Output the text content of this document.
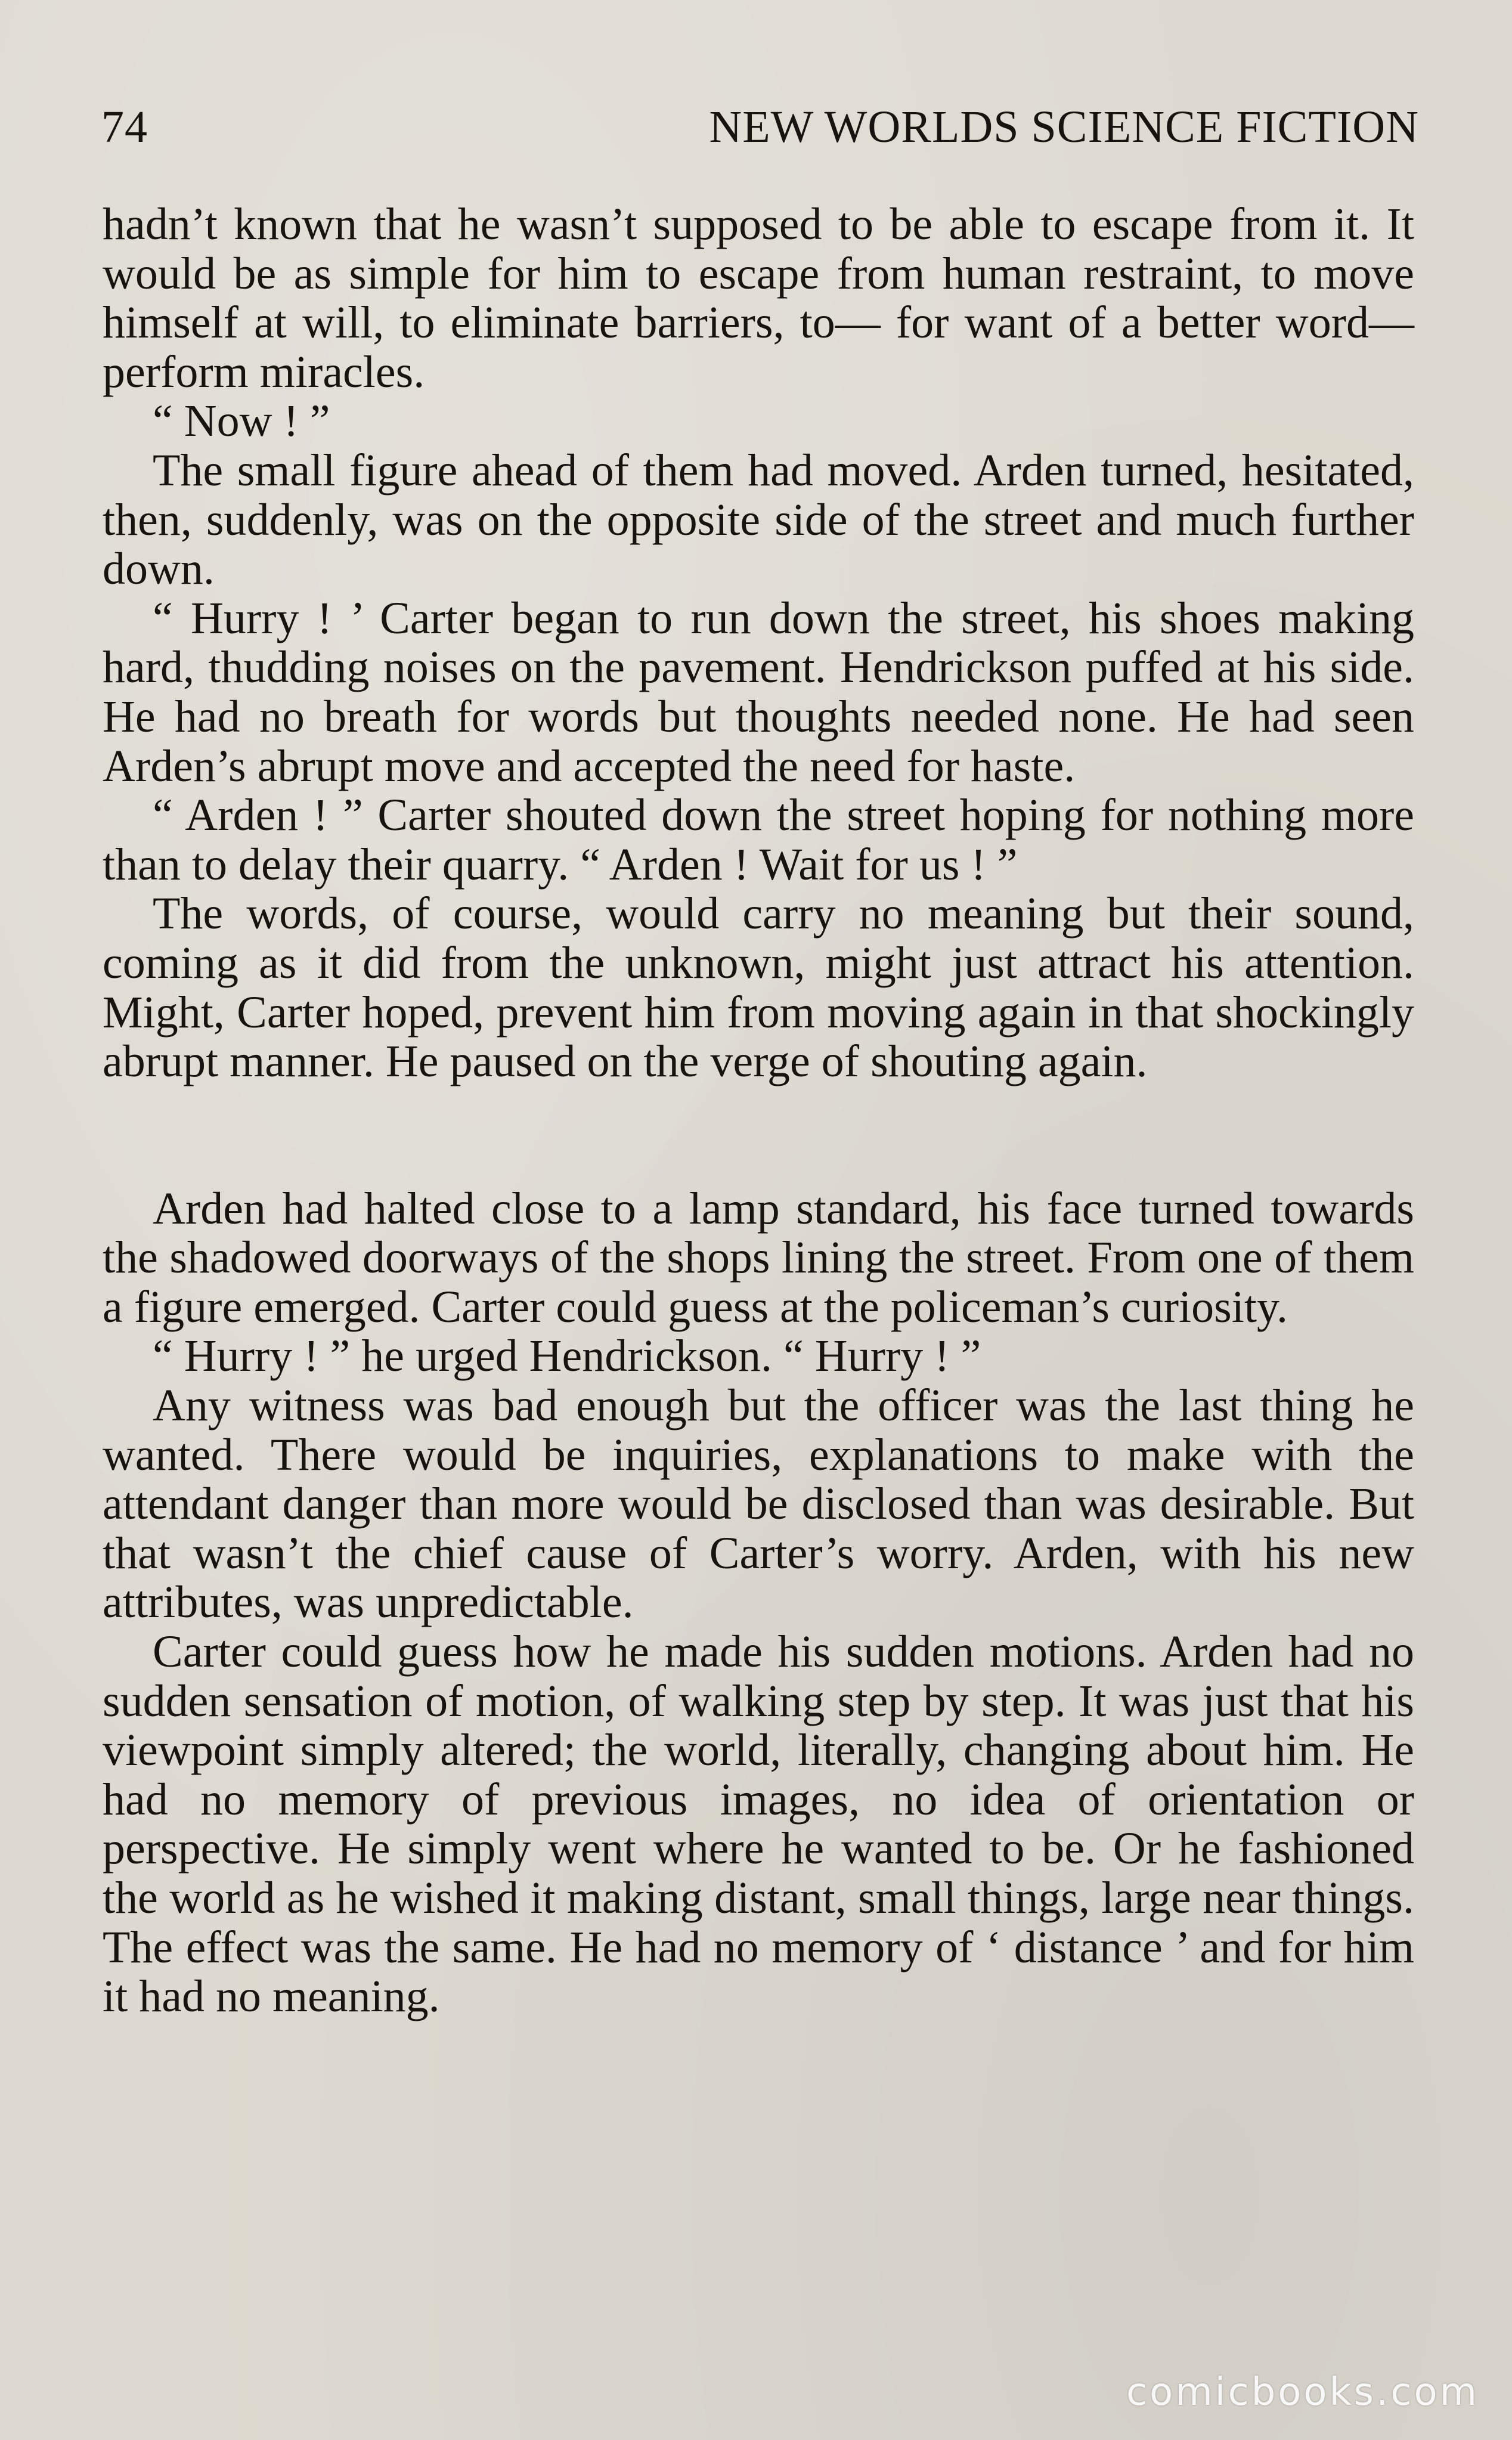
74	NEW WORLDS SCIENCE FICTION

hadn’t known that he wasn’t supposed to be able to escape from it. It would be as simple for him to escape from human restraint, to move himself at will, to eliminate barriers, to— for want of a better word—perform miracles.

“ Now ! ”

The small figure ahead of them had moved. Arden turned, hesitated, then, suddenly, was on the opposite side of the street and much further down.

“ Hurry ! ’ Carter began to run down the street, his shoes making hard, thudding noises on the pavement. Hendrickson puffed at his side. He had no breath for words but thoughts needed none. He had seen Arden’s abrupt move and accepted the need for haste.

“ Arden ! ” Carter shouted down the street hoping for nothing more than to delay their quarry. “ Arden ! Wait for us ! ”

The words, of course, would carry no meaning but their sound, coming as it did from the unknown, might just attract his attention. Might, Carter hoped, prevent him from moving again in that shockingly abrupt manner. He paused on the verge of shouting again.

Arden had halted close to a lamp standard, his face turned towards the shadowed doorways of the shops lining the street. From one of them a figure emerged. Carter could guess at the policeman’s curiosity.

“ Hurry ! ” he urged Hendrickson. “ Hurry ! ”

Any witness was bad enough but the officer was the last thing he wanted. There would be inquiries, explanations to make with the attendant danger than more would be disclosed than was desirable. But that wasn’t the chief cause of Carter’s worry. Arden, with his new attributes, was unpredictable.

Carter could guess how he made his sudden motions. Arden had no sudden sensation of motion, of walking step by step. It was just that his viewpoint simply altered; the world, literally, changing about him. He had no memory of previous images, no idea of orientation or perspective. He simply went where he wanted to be. Or he fashioned the world as he wished it making distant, small things, large near things. The effect was the same. He had no memory of ‘ distance ’ and for him it had no meaning.

comicbooks.com
